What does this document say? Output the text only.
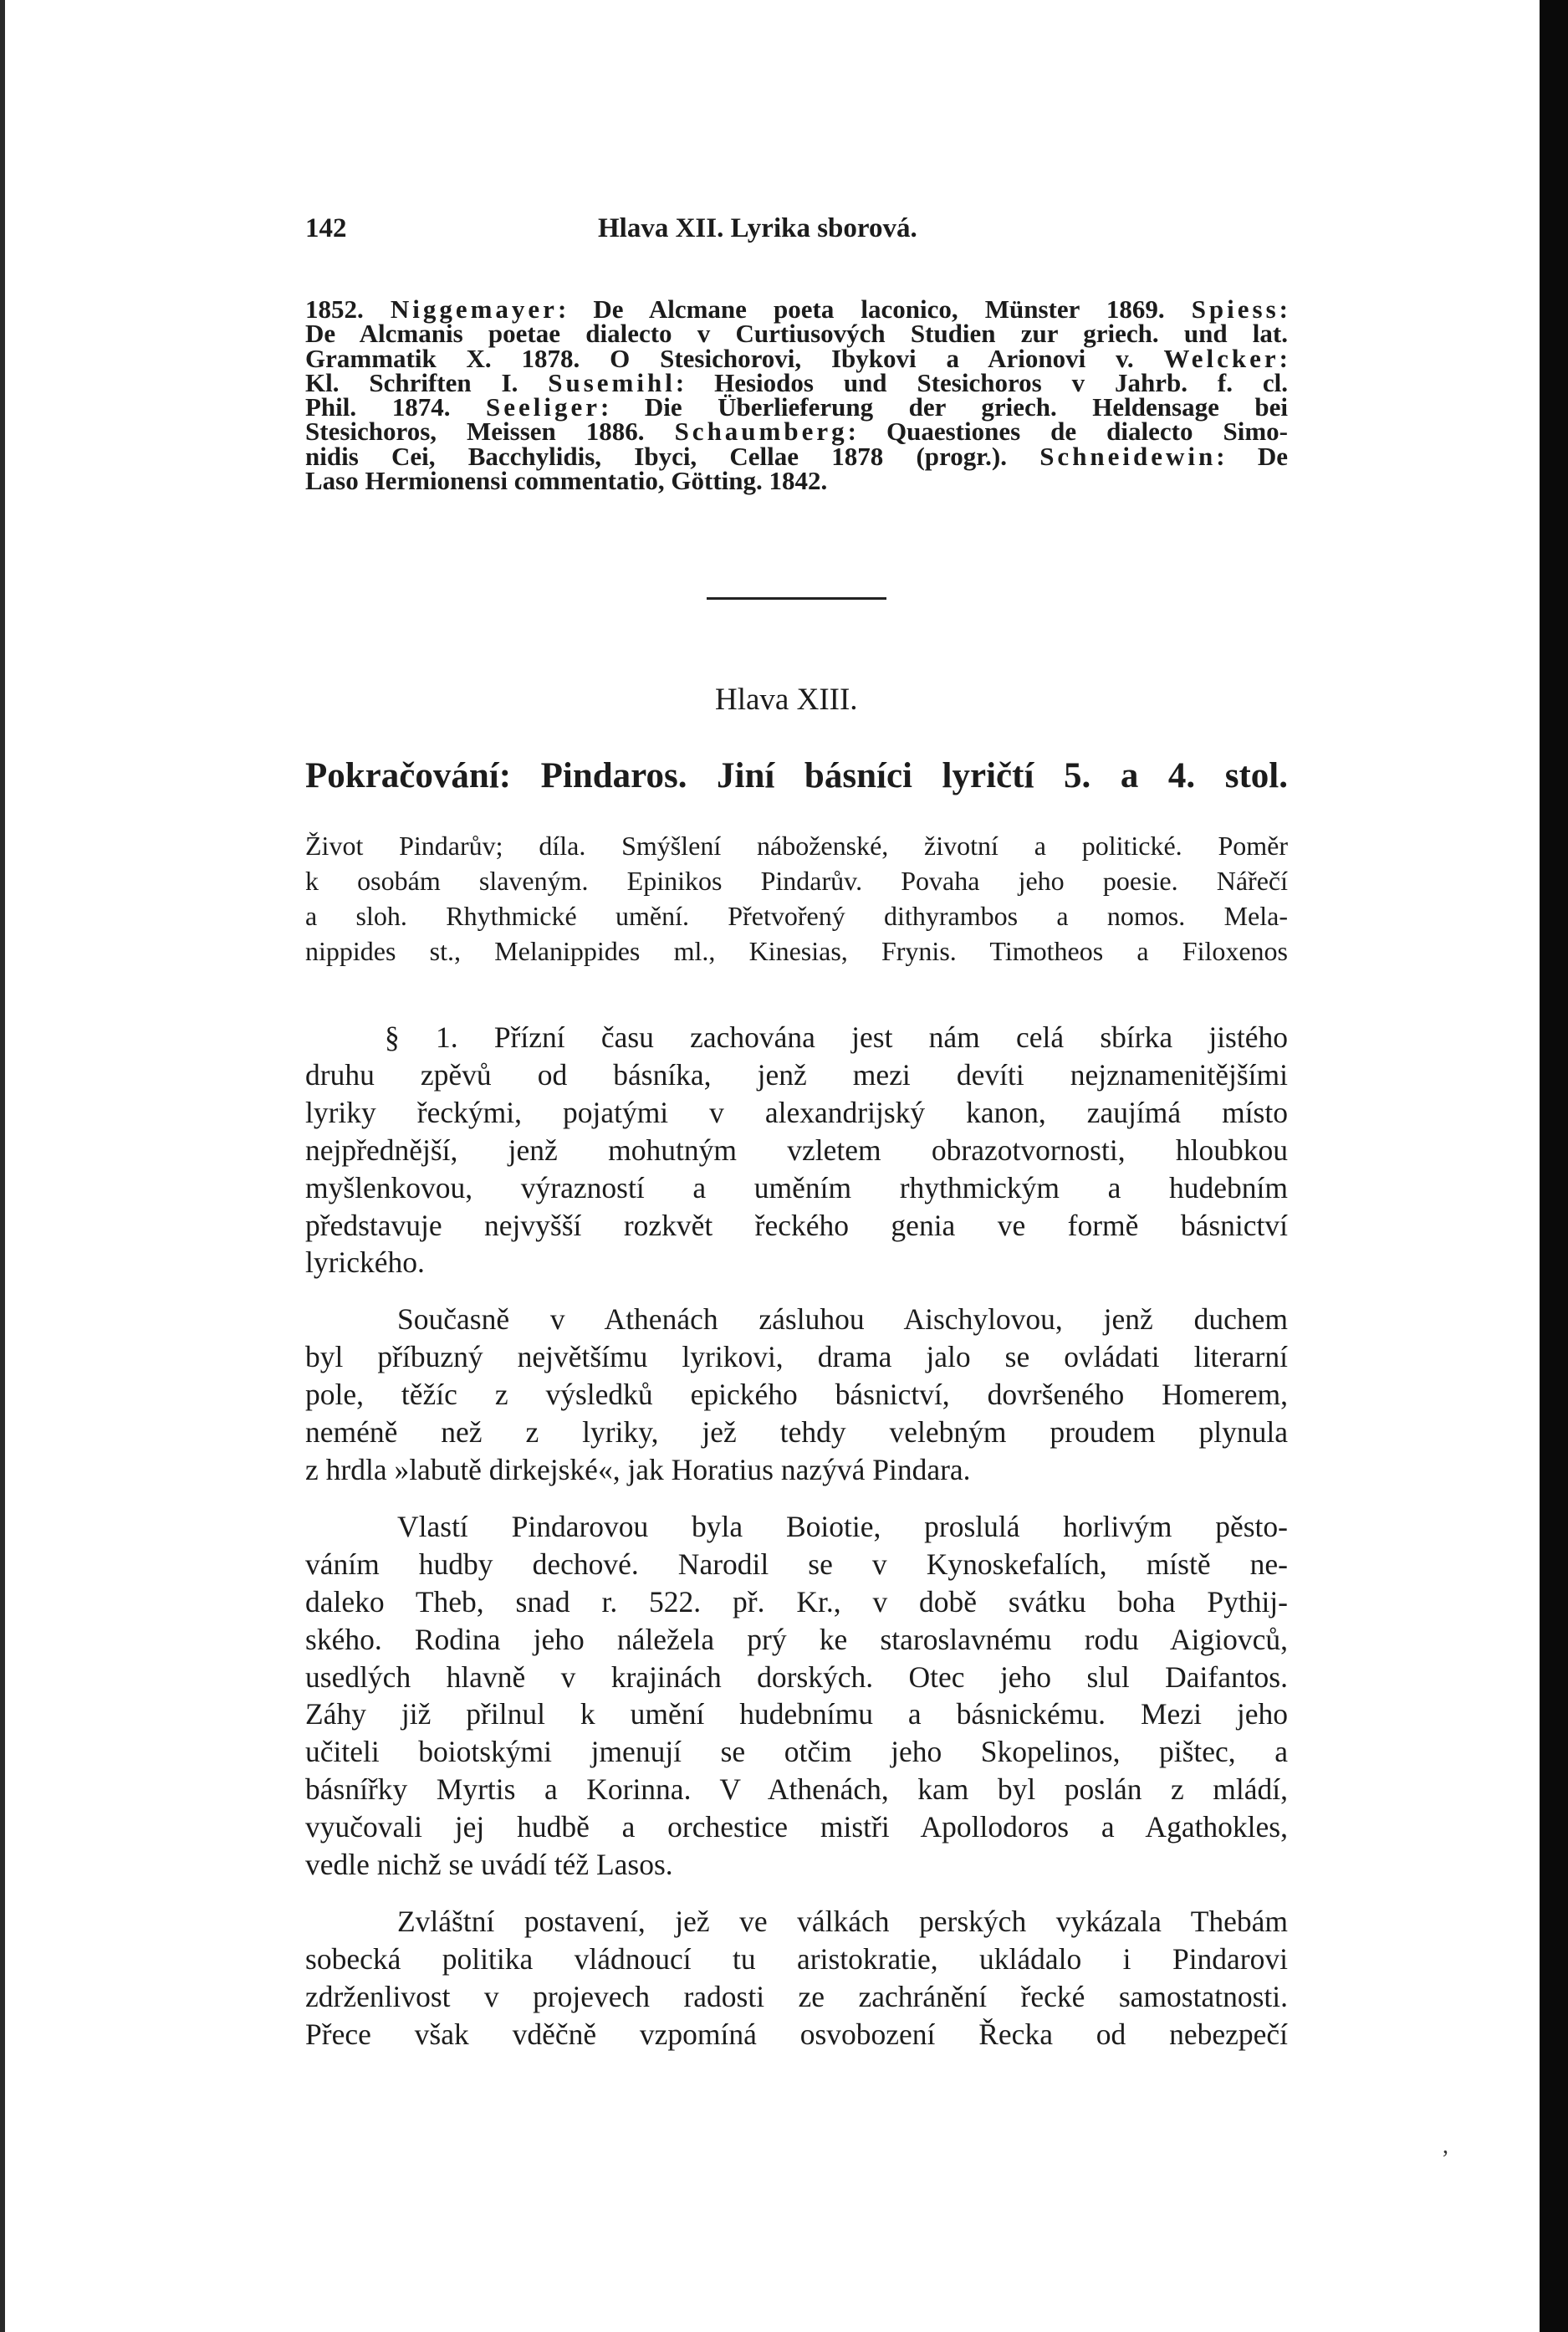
142	Hlava XII. Lyrika sborová.
1852. Niggemayer: De Alcmane poeta laconico, Münster 1869. Spiess:
De Alcmanis poetae dialecto v Curtiusových Studien zur griech. und lat.
Grammatik X. 1878. O Stesichorovi, Ibykovi a Arionovi v. Welcker:
Kl. Schriften I. Susemihl: Hesiodos und Stesichoros v Jahrb. f. cl.
Phil. 1874. Seeliger: Die Überlieferung der griech. Heldensage bei
Stesichoros, Meissen 1886. Schaumberg: Quaestiones de dialecto Simo-
nidis Cei, Bacchylidis, Ibyci, Cellae 1878 (progr.). Schneidewin: De
Laso Hermionensi commentatio, Götting. 1842.
Hlava XIII.
Pokračování: Pindaros. Jiní básníci lyričtí 5. a 4. stol.
Život Pindarův; díla. Smýšlení náboženské, životní a politické. Poměr
k osobám slaveným. Epinikos Pindarův. Povaha jeho poesie. Nářečí
a sloh. Rhythmické umění. Přetvořený dithyrambos a nomos. Mela-
nippides st., Melanippides ml., Kinesias, Frynis. Timotheos a Filoxenos
§ 1. Přízní času zachována jest nám celá sbírka jistého
druhu zpěvů od básníka, jenž mezi devíti nejznamenitějšími
lyriky řeckými, pojatými v alexandrijský kanon, zaujímá místo
nejpřednější, jenž mohutným vzletem obrazotvornosti, hloubkou
myšlenkovou, výrazností a uměním rhythmickým a hudebním
představuje nejvyšší rozkvět řeckého genia ve formě básnictví
lyrického.
Současně v Athenách zásluhou Aischylovou, jenž duchem
byl příbuzný největšímu lyrikovi, drama jalo se ovládati literarní
pole, těžíc z výsledků epického básnictví, dovršeného Homerem,
neméně než z lyriky, jež tehdy velebným proudem plynula
z hrdla »labutě dirkejské«, jak Horatius nazývá Pindara.
Vlastí Pindarovou byla Boiotie, proslulá horlivým pěsto-
váním hudby dechové. Narodil se v Kynoskefalích, místě ne-
daleko Theb, snad r. 522. př. Kr., v době svátku boha Pythij-
ského. Rodina jeho náležela prý ke staroslavnému rodu Aigiovců,
usedlých hlavně v krajinách dorských. Otec jeho slul Daifantos.
Záhy již přilnul k umění hudebnímu a básnickému. Mezi jeho
učiteli boiotskými jmenují se otčim jeho Skopelinos, pištec, a
básnířky Myrtis a Korinna. V Athenách, kam byl poslán z mládí,
vyučovali jej hudbě a orchestice mistři Apollodoros a Agathokles,
vedle nichž se uvádí též Lasos.
Zvláštní postavení, jež ve válkách perských vykázala Thebám
sobecká politika vládnoucí tu aristokratie, ukládalo i Pindarovi
zdrženlivost v projevech radosti ze zachránění řecké samostatnosti.
Přece však vděčně vzpomíná osvobození Řecka od nebezpečí
,
